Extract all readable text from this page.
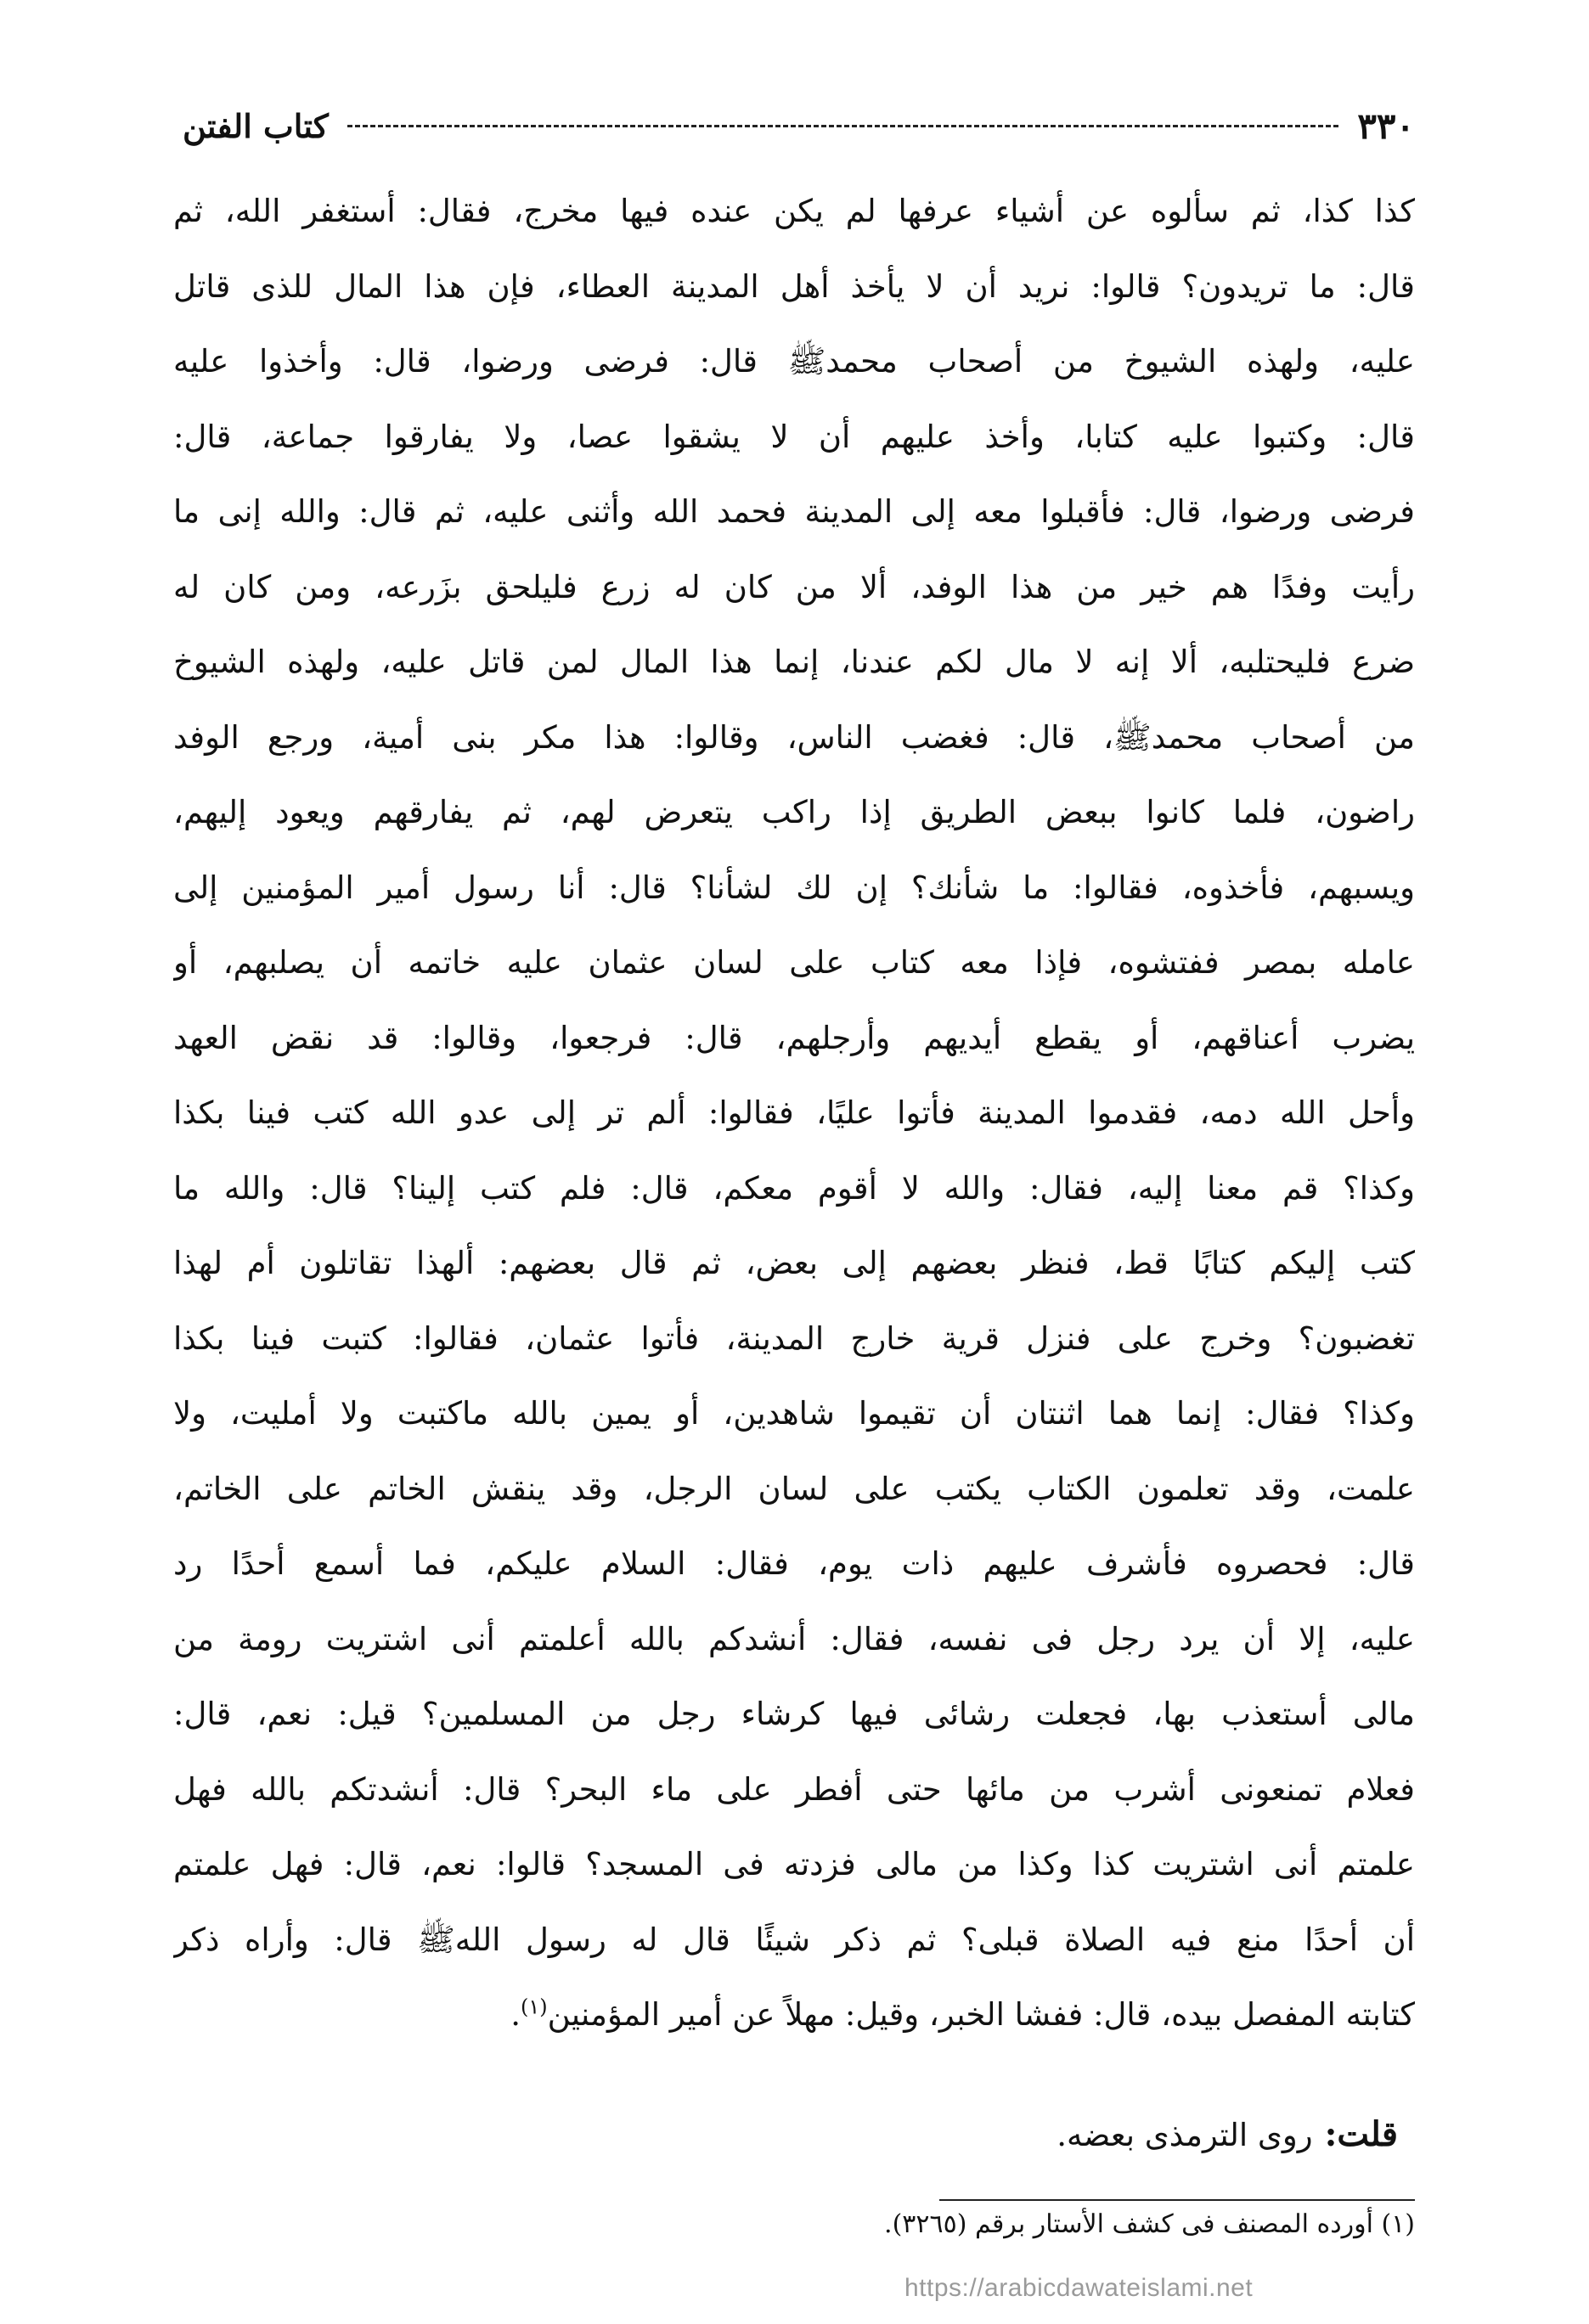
٣٣٠
كتاب الفتن
كذا كذا، ثم سألوه عن أشياء عرفها لم يكن عنده فيها مخرج، فقال: أستغفر الله، ثم
قال: ما تريدون؟ قالوا: نريد أن لا يأخذ أهل المدينة العطاء، فإن هذا المال للذى قاتل
عليه، ولهذه الشيوخ من أصحاب محمدﷺ قال: فرضى ورضوا، قال: وأخذوا عليه
قال: وكتبوا عليه كتابا، وأخذ عليهم أن لا يشقوا عصا، ولا يفارقوا جماعة، قال:
فرضى ورضوا، قال: فأقبلوا معه إلى المدينة فحمد الله وأثنى عليه، ثم قال: والله إنى ما
رأيت وفدًا هم خير من هذا الوفد، ألا من كان له زرع فليلحق بزَرعه، ومن كان له
ضرع فليحتلبه، ألا إنه لا مال لكم عندنا، إنما هذا المال لمن قاتل عليه، ولهذه الشيوخ
من أصحاب محمدﷺ، قال: فغضب الناس، وقالوا: هذا مكر بنى أمية، ورجع الوفد
راضون، فلما كانوا ببعض الطريق إذا راكب يتعرض لهم، ثم يفارقهم ويعود إليهم،
ويسبهم، فأخذوه، فقالوا: ما شأنك؟ إن لك لشأنا؟ قال: أنا رسول أمير المؤمنين إلى
عامله بمصر ففتشوه، فإذا معه كتاب على لسان عثمان عليه خاتمه أن يصلبهم، أو
يضرب أعناقهم، أو يقطع أيديهم وأرجلهم، قال: فرجعوا، وقالوا: قد نقض العهد
وأحل الله دمه، فقدموا المدينة فأتوا عليًا، فقالوا: ألم تر إلى عدو الله كتب فينا بكذا
وكذا؟ قم معنا إليه، فقال: والله لا أقوم معكم، قال: فلم كتب إلينا؟ قال: والله ما
كتب إليكم كتابًا قط، فنظر بعضهم إلى بعض، ثم قال بعضهم: ألهذا تقاتلون أم لهذا
تغضبون؟ وخرج على فنزل قرية خارج المدينة، فأتوا عثمان، فقالوا: كتبت فينا بكذا
وكذا؟ فقال: إنما هما اثنتان أن تقيموا شاهدين، أو يمين بالله ماكتبت ولا أمليت، ولا
علمت، وقد تعلمون الكتاب يكتب على لسان الرجل، وقد ينقش الخاتم على الخاتم،
قال: فحصروه فأشرف عليهم ذات يوم، فقال: السلام عليكم، فما أسمع أحدًا رد
عليه، إلا أن يرد رجل فى نفسه، فقال: أنشدكم بالله أعلمتم أنى اشتريت رومة من
مالى أستعذب بها، فجعلت رشائى فيها كرشاء رجل من المسلمين؟ قيل: نعم، قال:
فعلام تمنعونى أشرب من مائها حتى أفطر على ماء البحر؟ قال: أنشدتكم بالله فهل
علمتم أنى اشتريت كذا وكذا من مالى فزدته فى المسجد؟ قالوا: نعم، قال: فهل علمتم
أن أحدًا منع فيه الصلاة قبلى؟ ثم ذكر شيئًا قال له رسول اللهﷺ قال: وأراه ذكر
كتابته المفصل بيده، قال: ففشا الخبر، وقيل: مهلاً عن أمير المؤمنين$^{(١)}$.
قلت:روى الترمذى بعضه.
(١) أورده المصنف فى كشف الأستار برقم (٣٢٦٥).
https://arabicdawateislami.net
